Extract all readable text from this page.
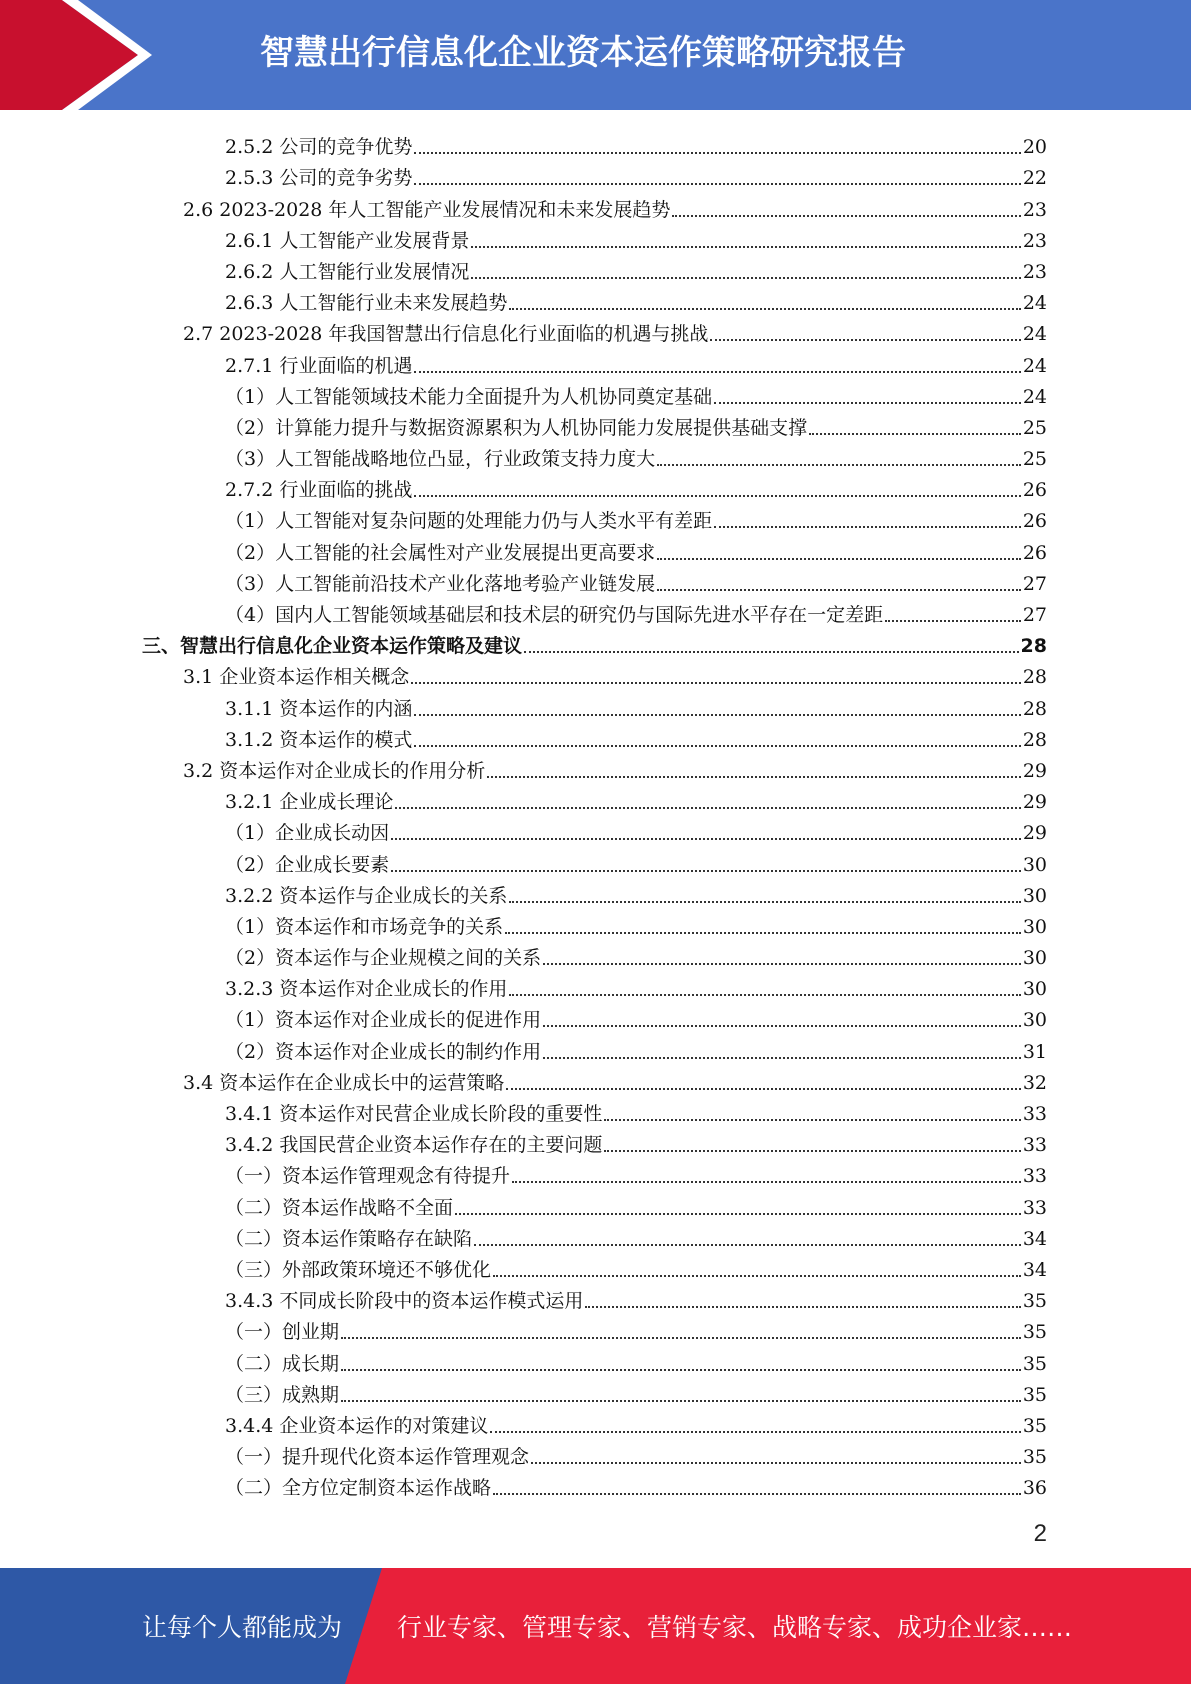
智慧出行信息化企业资本运作策略研究报告
2.5.2 公司的竞争优势	20
2.5.3 公司的竞争劣势	22
2.6 2023-2028 年人工智能产业发展情况和未来发展趋势	23
2.6.1 人工智能产业发展背景	23
2.6.2 人工智能行业发展情况	23
2.6.3 人工智能行业未来发展趋势	24
2.7 2023-2028 年我国智慧出行信息化行业面临的机遇与挑战	24
2.7.1 行业面临的机遇	24
（1）人工智能领域技术能力全面提升为人机协同奠定基础	24
（2）计算能力提升与数据资源累积为人机协同能力发展提供基础支撑	25
（3）人工智能战略地位凸显，行业政策支持力度大	25
2.7.2 行业面临的挑战	26
（1）人工智能对复杂问题的处理能力仍与人类水平有差距	26
（2）人工智能的社会属性对产业发展提出更高要求	26
（3）人工智能前沿技术产业化落地考验产业链发展	27
（4）国内人工智能领域基础层和技术层的研究仍与国际先进水平存在一定差距	27
三、智慧出行信息化企业资本运作策略及建议	28
3.1 企业资本运作相关概念	28
3.1.1 资本运作的内涵	28
3.1.2 资本运作的模式	28
3.2 资本运作对企业成长的作用分析	29
3.2.1 企业成长理论	29
（1）企业成长动因	29
（2）企业成长要素	30
3.2.2 资本运作与企业成长的关系	30
（1）资本运作和市场竞争的关系	30
（2）资本运作与企业规模之间的关系	30
3.2.3 资本运作对企业成长的作用	30
（1）资本运作对企业成长的促进作用	30
（2）资本运作对企业成长的制约作用	31
3.4 资本运作在企业成长中的运营策略	32
3.4.1 资本运作对民营企业成长阶段的重要性	33
3.4.2 我国民营企业资本运作存在的主要问题	33
（一）资本运作管理观念有待提升	33
（二）资本运作战略不全面	33
（二）资本运作策略存在缺陷	34
（三）外部政策环境还不够优化	34
3.4.3 不同成长阶段中的资本运作模式运用	35
（一）创业期	35
（二）成长期	35
（三）成熟期	35
3.4.4 企业资本运作的对策建议	35
（一）提升现代化资本运作管理观念	35
（二）全方位定制资本运作战略	36
2
让每个人都能成为 行业专家、管理专家、营销专家、战略专家、成功企业家……
